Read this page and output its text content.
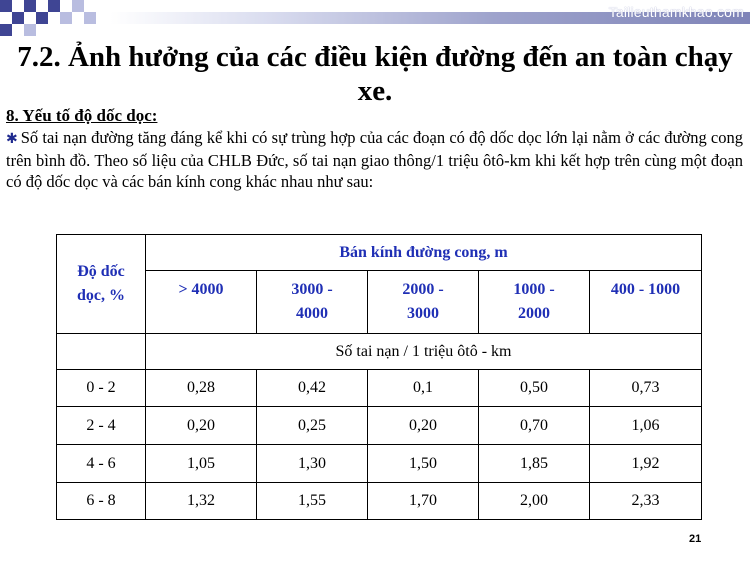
Tailieuthamkhao.com
7.2. Ảnh hưởng của các điều kiện đường đến an toàn chạy xe.
8. Yếu tố độ dốc dọc:
✱ Số tai nạn đường tăng đáng kể khi có sự trùng hợp của các đoạn có độ dốc dọc lớn lại nằm ở các đường cong trên bình đồ. Theo số liệu của CHLB Đức, số tai nạn giao thông/1 triệu ôtô-km khi kết hợp trên cùng một đoạn có độ dốc dọc và các bán kính cong khác nhau như sau:
Độ dốc dọc, %	Bán kính đường cong, m				
	> 4000	3000 - 4000	2000 - 3000	1000 - 2000	400 - 1000
	Số tai nạn / 1 triệu ôtô - km				
0 - 2	0,28	0,42	0,1	0,50	0,73
2 - 4	0,20	0,25	0,20	0,70	1,06
4 - 6	1,05	1,30	1,50	1,85	1,92
6 - 8	1,32	1,55	1,70	2,00	2,33
21
